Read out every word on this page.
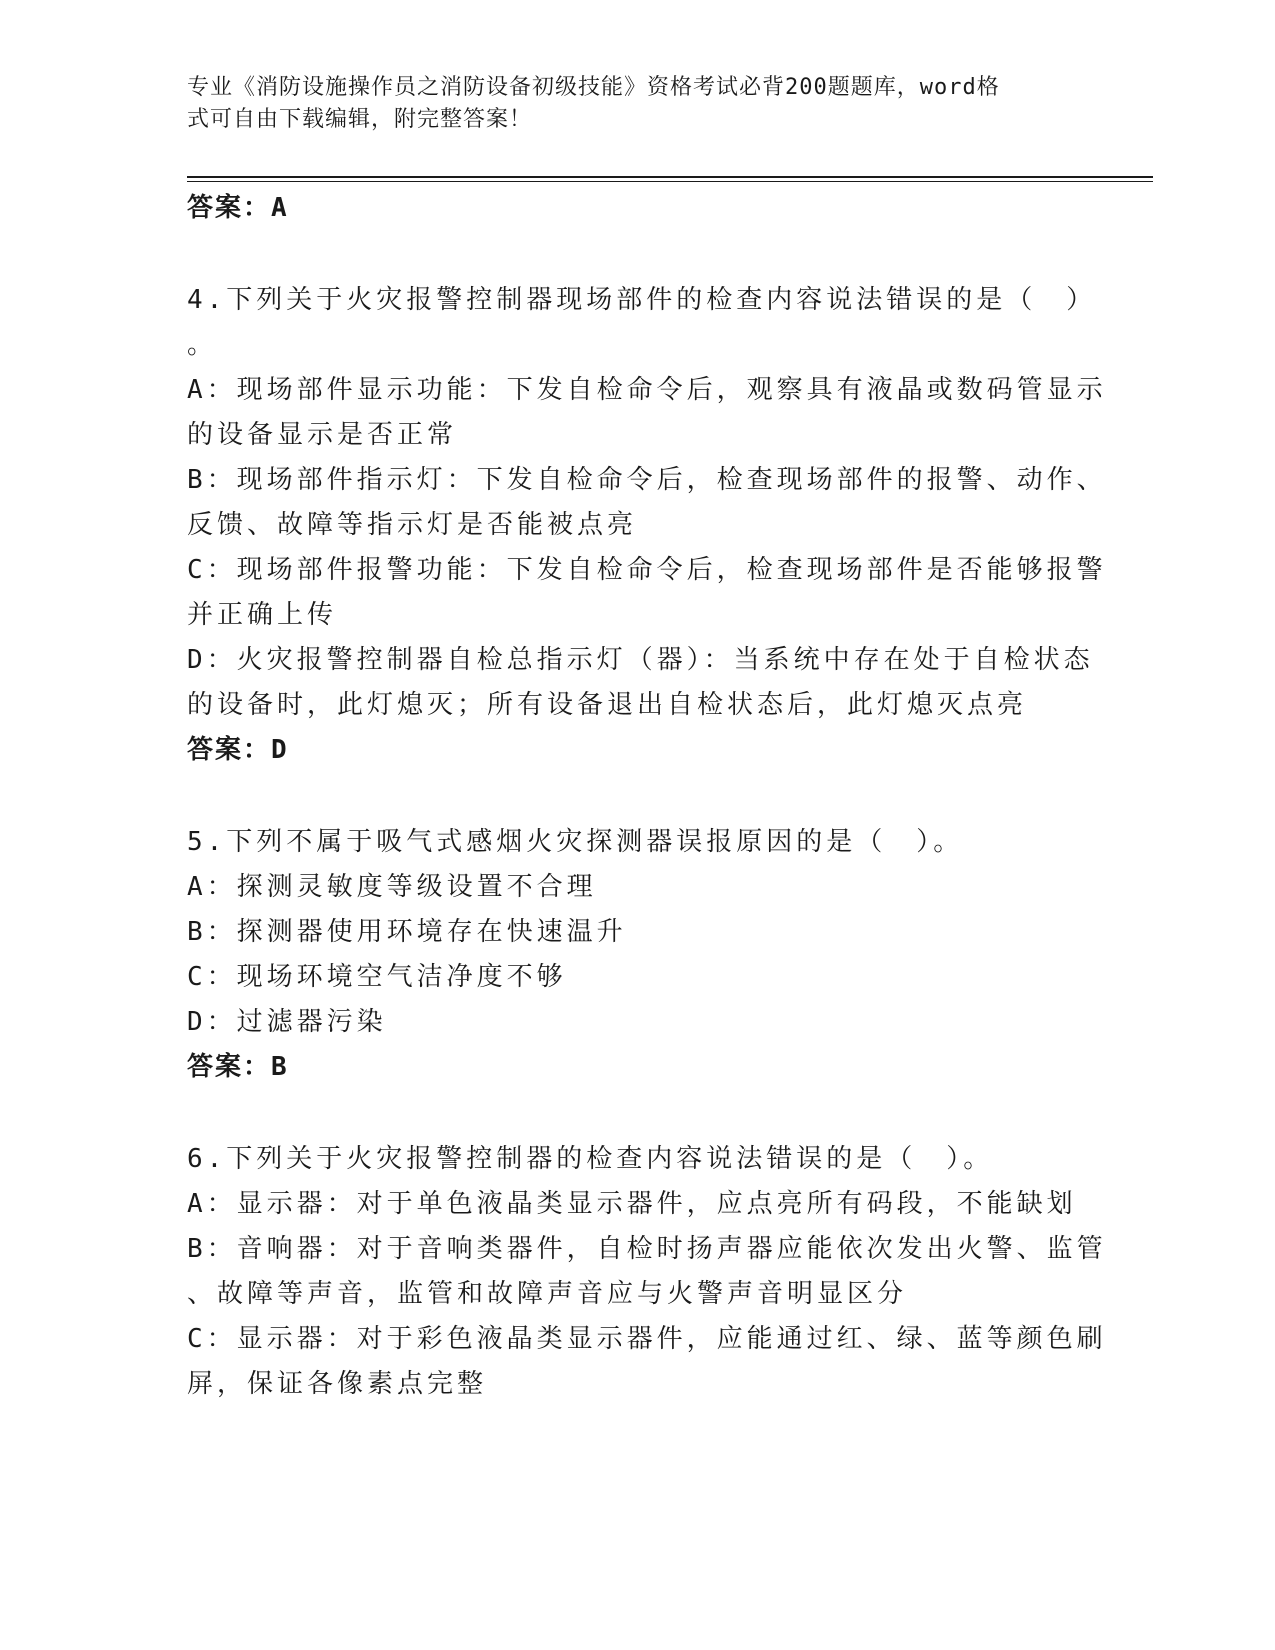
专业《消防设施操作员之消防设备初级技能》资格考试必背200题题库，word格
式可自由下载编辑，附完整答案！
答案：A
4.下列关于火灾报警控制器现场部件的检查内容说法错误的是（　）
。
A：现场部件显示功能：下发自检命令后，观察具有液晶或数码管显示
的设备显示是否正常
B：现场部件指示灯：下发自检命令后，检查现场部件的报警、动作、
反馈、故障等指示灯是否能被点亮
C：现场部件报警功能：下发自检命令后，检查现场部件是否能够报警
并正确上传
D：火灾报警控制器自检总指示灯（器）：当系统中存在处于自检状态
的设备时，此灯熄灭；所有设备退出自检状态后，此灯熄灭点亮
答案：D
5.下列不属于吸气式感烟火灾探测器误报原因的是（　）。
A：探测灵敏度等级设置不合理
B：探测器使用环境存在快速温升
C：现场环境空气洁净度不够
D：过滤器污染
答案：B
6.下列关于火灾报警控制器的检查内容说法错误的是（　）。
A：显示器：对于单色液晶类显示器件，应点亮所有码段，不能缺划
B：音响器：对于音响类器件，自检时扬声器应能依次发出火警、监管
、故障等声音，监管和故障声音应与火警声音明显区分
C：显示器：对于彩色液晶类显示器件，应能通过红、绿、蓝等颜色刷
屏，保证各像素点完整
